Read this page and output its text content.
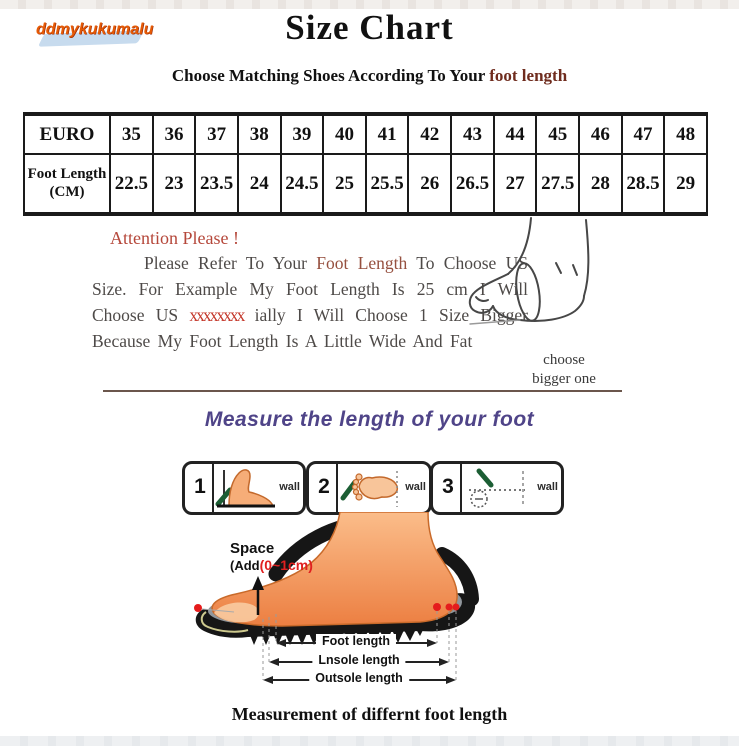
ddmykukumalu	Size Chart
Choose Matching Shoes According To Your foot length
EURO	35	36	37	38	39	40	41	42	43	44	45	46	47	48
Foot Length (CM)	22.5	23	23.5	24	24.5	25	25.5	26	26.5	27	27.5	28	28.5	29

Attention Please !

Please Refer To Your Foot Length To Choose US Size. For Example My Foot Length Is 25 cm I Will Choose US xxxxxxxx ially I Will Choose 1 Size Bigger Because My Foot Length Is A Little Wide And Fat

choose bigger one
Measure the length of your foot
1	wall 2	wall 3	wall
Space
(Add(0~1cm)
Foot length
Lnsole length
Outsole length
Measurement of differnt foot length
